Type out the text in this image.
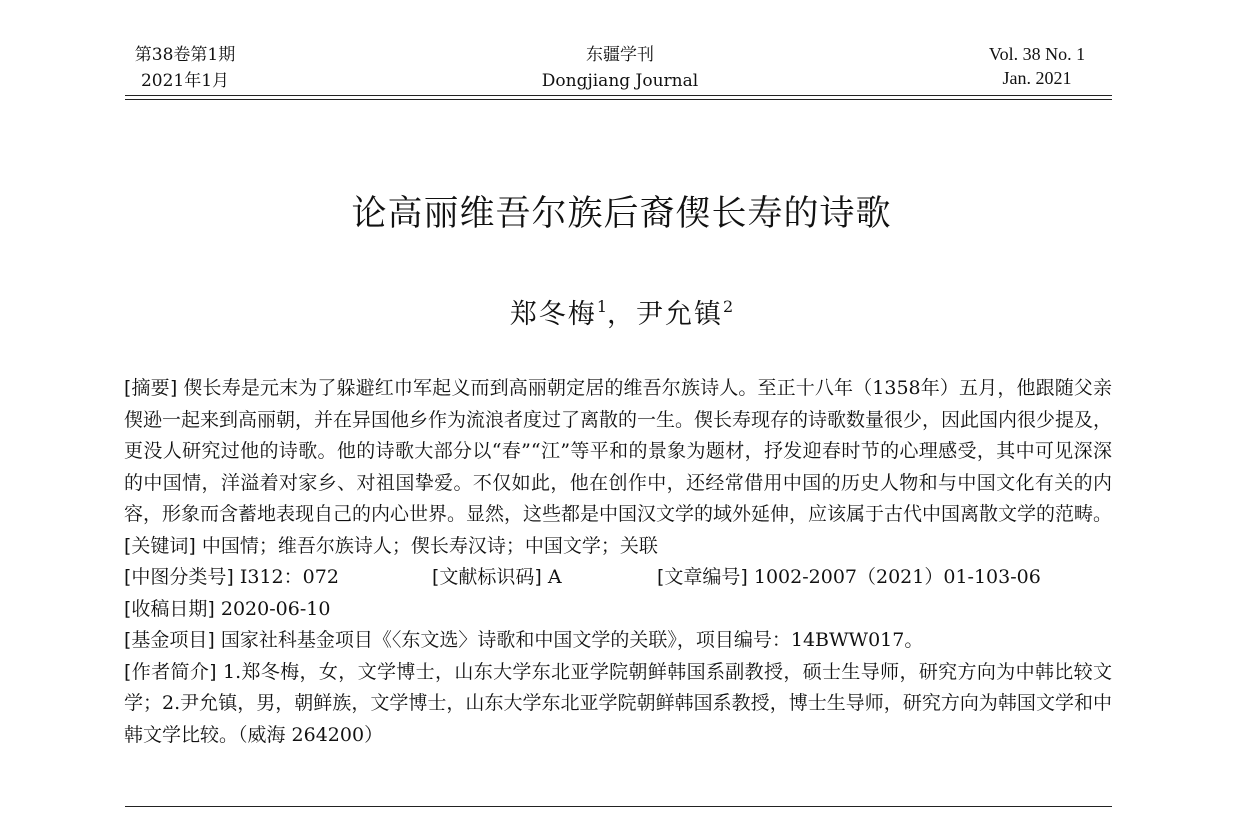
第38卷第1期
2021年1月
东疆学刊
Dongjiang Journal
Vol. 38 No. 1
Jan. 2021
论高丽维吾尔族后裔偰长寿的诗歌
郑冬梅$^1$，尹允镇$^2$
[摘要] 偰长寿是元末为了躲避红巾军起义而到高丽朝定居的维吾尔族诗人。至正十八年（1358年）五月，他跟随父亲偰逊一起来到高丽朝，并在异国他乡作为流浪者度过了离散的一生。偰长寿现存的诗歌数量很少，因此国内很少提及，更没人研究过他的诗歌。他的诗歌大部分以“春”“江”等平和的景象为题材，抒发迎春时节的心理感受，其中可见深深的中国情，洋溢着对家乡、对祖国挚爱。不仅如此，他在创作中，还经常借用中国的历史人物和与中国文化有关的内容，形象而含蓄地表现自己的内心世界。显然，这些都是中国汉文学的域外延伸，应该属于古代中国离散文学的范畴。
[关键词] 中国情；维吾尔族诗人；偰长寿汉诗；中国文学；关联
[中图分类号] I312：072	[文献标识码] A	[文章编号] 1002-2007（2021）01-103-06
[收稿日期] 2020-06-10
[基金项目] 国家社科基金项目《〈东文选〉诗歌和中国文学的关联》，项目编号：14BWW017。
[作者简介] 1.郑冬梅，女，文学博士，山东大学东北亚学院朝鲜韩国系副教授，硕士生导师，研究方向为中韩比较文学；2.尹允镇，男，朝鲜族，文学博士，山东大学东北亚学院朝鲜韩国系教授，博士生导师，研究方向为韩国文学和中韩文学比较。（威海 264200）
